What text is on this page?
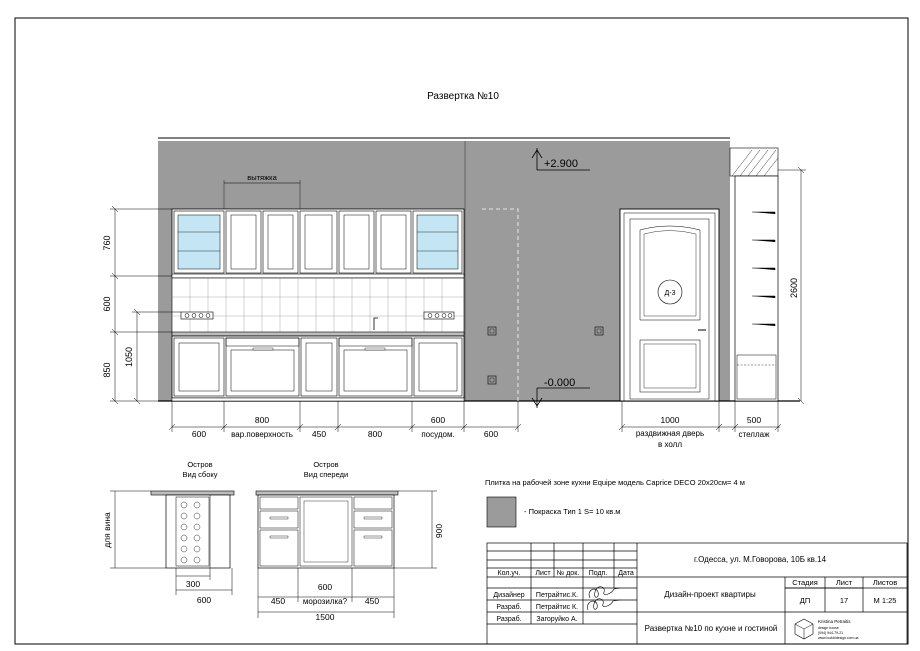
Развертка №10
вытяжка
+2.900
-0.000
Д-3
760
600
1050
850
2600
600
800
вар.поверхность 450	800
600
посудом.	600
1000
раздвижная дверь
в холл
500
стеллаж
Остров
Вид сбоку
для вина
300
600
Остров
Вид спереди
450
600
морозилка? 450
1500
900
Плитка на рабочей зоне кухни Equipe модель Caprice DECO 20х20см= 4 м
- Покраска Тип 1 S= 10 кв.м
г.Одесса, ул. М.Говорова, 10Б кв.14
Кол.уч. Лист № док. Подп. Дата
Дизайн-проект квартиры
Стадия Лист	Листов
ДП	17	М 1:25
Развертка №10 по кухне и гостиной
Дизайнер Петрайтис.К.
Разраб. Петрайтис К.
Разраб. Загоруйко А.	Kristina Petraitis
design house
(094) 944-79-21
www.lookt4design.com.ua
